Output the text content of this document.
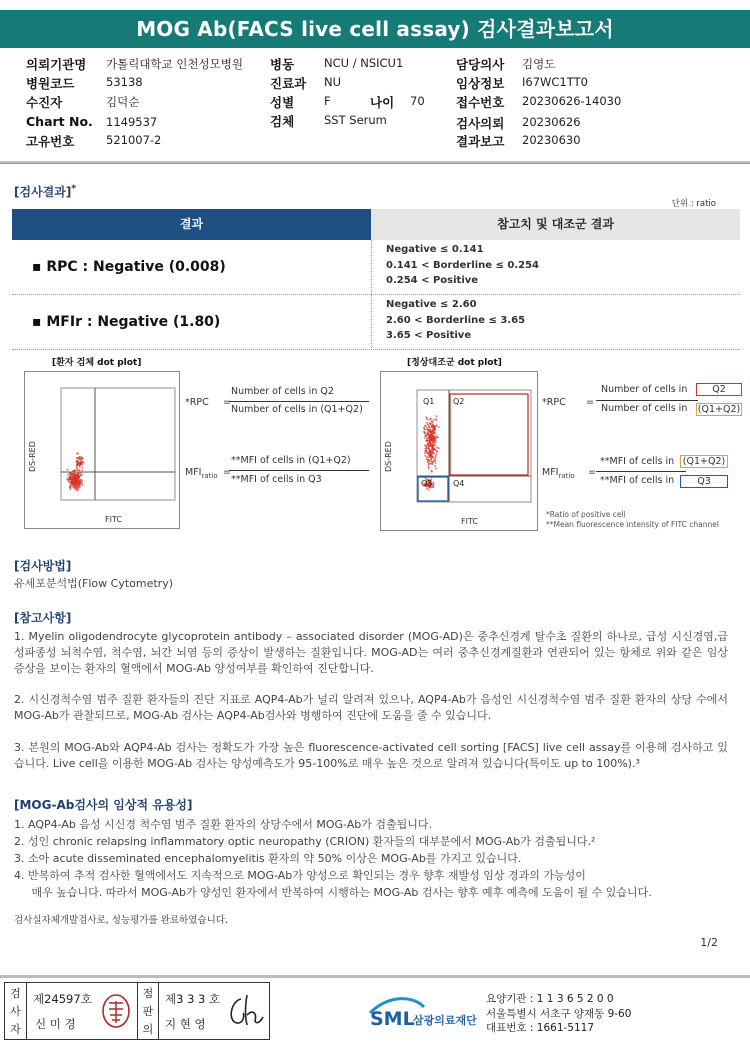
MOG Ab(FACS live cell assay) 검사결과보고서
의뢰기관명 가톨릭대학교 인천성모병원
병원코드	53138
수진자	김덕순
Chart No. 1149537
고유번호	521007-2
병동	NCU / NSICU1
진료과 NU
성별	F	나이 70
검체	SST Serum
담당의사 김영도
임상정보 I67WC1TT0
접수번호 20230626-14030
검사의뢰 20230626
결과보고 20230630
[검사결과]*
단위 : ratio
결과	참고치 및 대조군 결과
▪ RPC : Negative (0.008)
Negative ≤ 0.141
0.141 < Borderline ≤ 0.254
0.254 < Positive
▪ MFIr : Negative (1.80)
Negative ≤ 2.60
2.60 < Borderline ≤ 3.65
3.65 < Positive
[환자 검체 dot plot]	[정상대조군 dot plot]
DS-RED
FITC
*RPC =
Number of cells in Q2
Number of cells in (Q1+Q2)
$MFI_{ratio}$ =
**MFI of cells in (Q1+Q2)
**MFI of cells in Q3
Q1 Q2
Q3	Q4
DS-RED
FITC
*RPC =
Number of cells in	Q2
Number of cells in (Q1+Q2)
$MFI_{ratio}$ =
**MFI of cells in (Q1+Q2)
**MFI of cells in	Q3
*Ratio of positive cell
**Mean fluorescence intensity of FITC channel
[검사방법]
유세포분석법(Flow Cytometry)
[참고사항]
1. Myelin oligodendrocyte glycoprotein antibody – associated disorder (MOG-AD)은 중추신경계 탈수초 질환의 하나로, 급성 시신경염,급성파종성 뇌척수염, 척수염, 뇌간 뇌염 등의 증상이 발생하는 질환입니다. MOG-AD는 여러 중추신경계질환과 연관되어 있는 항체로 위와 같은 임상 증상을 보이는 환자의 혈액에서 MOG-Ab 양성여부를 확인하여 진단합니다.
2. 시신경척수염 범주 질환 환자들의 진단 지표로 AQP4-Ab가 널리 알려져 있으나, AQP4-Ab가 음성인 시신경척수염 범주 질환 환자의 상당 수에서 MOG-Ab가 관찰되므로, MOG-Ab 검사는 AQP4-Ab검사와 병행하여 진단에 도움을 줄 수 있습니다.
3. 본원의 MOG-Ab와 AQP4-Ab 검사는 정확도가 가장 높은 fluorescence-activated cell sorting [FACS] live cell assay를 이용해 검사하고 있습니다. Live cell을 이용한 MOG-Ab 검사는 양성예측도가 95-100%로 매우 높은 것으로 알려져 있습니다(특이도 up to 100%).³
[MOG-Ab검사의 임상적 유용성]
1. AQP4-Ab 음성 시신경 척수염 범주 질환 환자의 상당수에서 MOG-Ab가 검출됩니다.
2. 성인 chronic relapsing inflammatory optic neuropathy (CRION) 환자들의 대부분에서 MOG-Ab가 검출됩니다.²
3. 소아 acute disseminated encephalomyelitis 환자의 약 50% 이상은 MOG-Ab를 가지고 있습니다.
4. 반복하여 추적 검사한 혈액에서도 지속적으로 MOG-Ab가 양성으로 확인되는 경우 향후 재발성 임상 경과의 가능성이
매우 높습니다. 따라서 MOG-Ab가 양성인 환자에서 반복하여 시행하는 MOG-Ab 검사는 향후 예후 예측에 도움이 될 수 있습니다.
검사실자체개발검사로, 성능평가를 완료하였습니다.
1/2
검
사
자
제24597호
신 미 경
점
판
의
제3 3 3 호
지 현 영	SML
삼광의료재단
요양기관 : 1 1 3 6 5 2 0 0
서울특별시 서초구 양재동 9-60
대표번호 : 1661-5117
